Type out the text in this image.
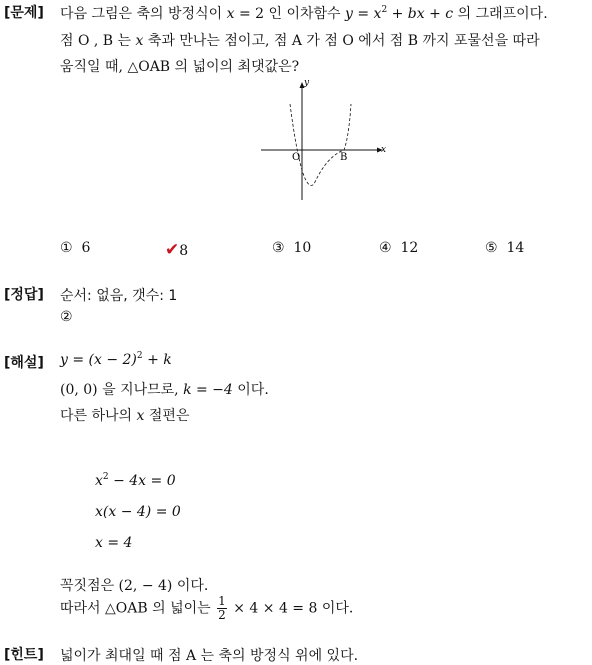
[문제] 다음 그림은 축의 방정식이 x = 2 인 이차함수 $y = x^2$ + bx + c 의 그래프이다.
점 O , B 는 x 축과 만나는 점이고, 점 A 가 점 O 에서 점 B 까지 포물선을 따라
움직일 때, △OAB 의 넓이의 최댓값은?
x
y
O	B
① 6	✔8	③ 10	④ 12	⑤ 14
[정답] 순서: 없음, 갯수: 1
②
[해설] $y = (x - 2)^2 + k$
(0, 0) 을 지나므로, k = −4 이다.
다른 하나의 x 절편은
$x^2 - 4x = 0$
x(x − 4) = 0
x = 4
꼭짓점은 (2, − 4) 이다.
따라서 △OAB 의 넓이는 $\frac{1}{2} \times 4 \times 4 = 8$ 이다.
[힌트] 넓이가 최대일 때 점 A 는 축의 방정식 위에 있다.
